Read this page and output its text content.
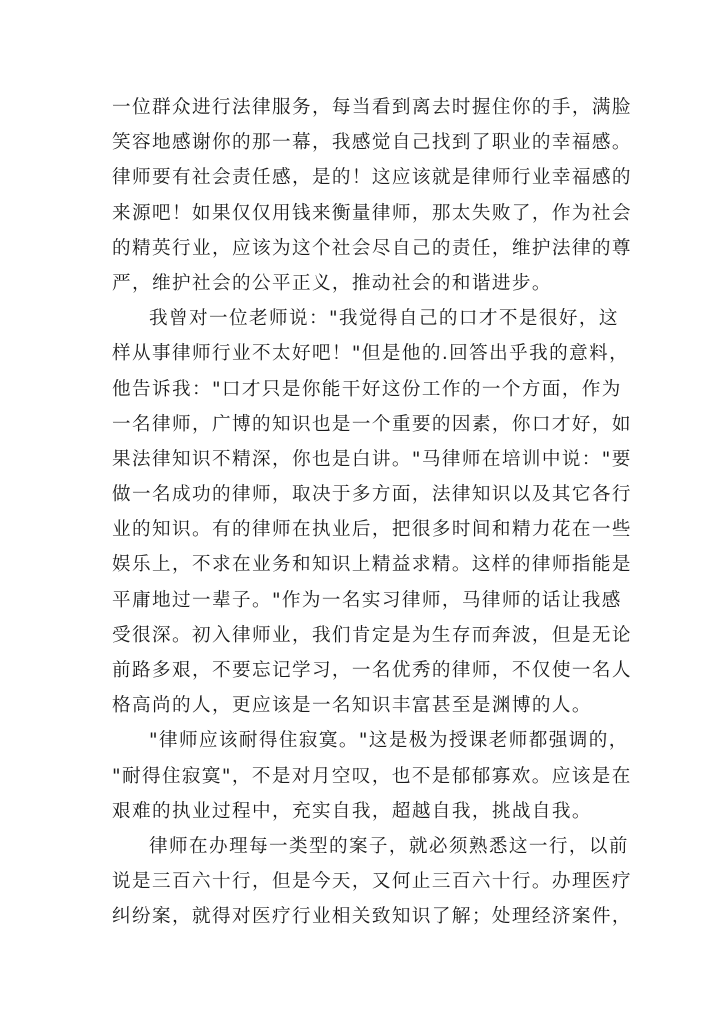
一位群众进行法律服务，每当看到离去时握住你的手，满脸
笑容地感谢你的那一幕，我感觉自己找到了职业的幸福感。
律师要有社会责任感，是的！这应该就是律师行业幸福感的
来源吧！如果仅仅用钱来衡量律师，那太失败了，作为社会
的精英行业，应该为这个社会尽自己的责任，维护法律的尊
严，维护社会的公平正义，推动社会的和谐进步。
我曾对一位老师说："我觉得自己的口才不是很好，这
样从事律师行业不太好吧！"但是他的.回答出乎我的意料，
他告诉我："口才只是你能干好这份工作的一个方面，作为
一名律师，广博的知识也是一个重要的因素，你口才好，如
果法律知识不精深，你也是白讲。"马律师在培训中说："要
做一名成功的律师，取决于多方面，法律知识以及其它各行
业的知识。有的律师在执业后，把很多时间和精力花在一些
娱乐上，不求在业务和知识上精益求精。这样的律师指能是
平庸地过一辈子。"作为一名实习律师，马律师的话让我感
受很深。初入律师业，我们肯定是为生存而奔波，但是无论
前路多艰，不要忘记学习，一名优秀的律师，不仅使一名人
格高尚的人，更应该是一名知识丰富甚至是渊博的人。
"律师应该耐得住寂寞。"这是极为授课老师都强调的，
"耐得住寂寞"，不是对月空叹，也不是郁郁寡欢。应该是在
艰难的执业过程中，充实自我，超越自我，挑战自我。
律师在办理每一类型的案子，就必须熟悉这一行，以前
说是三百六十行，但是今天，又何止三百六十行。办理医疗
纠纷案，就得对医疗行业相关致知识了解；处理经济案件，
